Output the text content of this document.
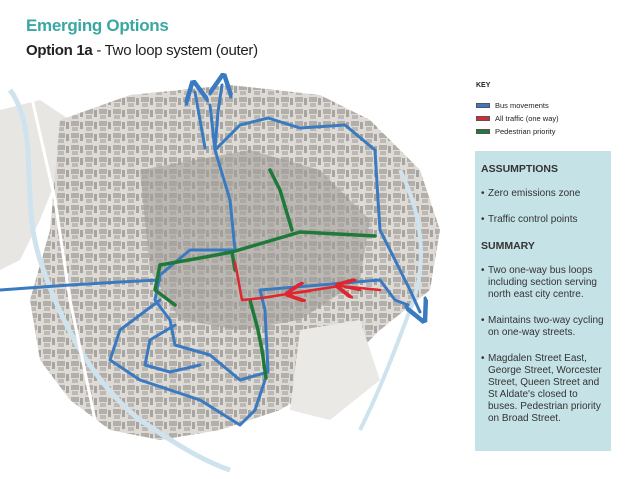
Emerging Options
Option 1a - Two loop system (outer)
KEY
Bus movements
All traffic (one way)
Pedestrian priority
ASSUMPTIONS
• Zero emissions zone
• Traffic control points
SUMMARY
• Two one-way bus loops including section serving north east city centre.
• Maintains two-way cycling on one-way streets.
• Magdalen Street East, George Street, Worcester Street, Queen Street and St Aldate's closed to buses. Pedestrian priority on Broad Street.
